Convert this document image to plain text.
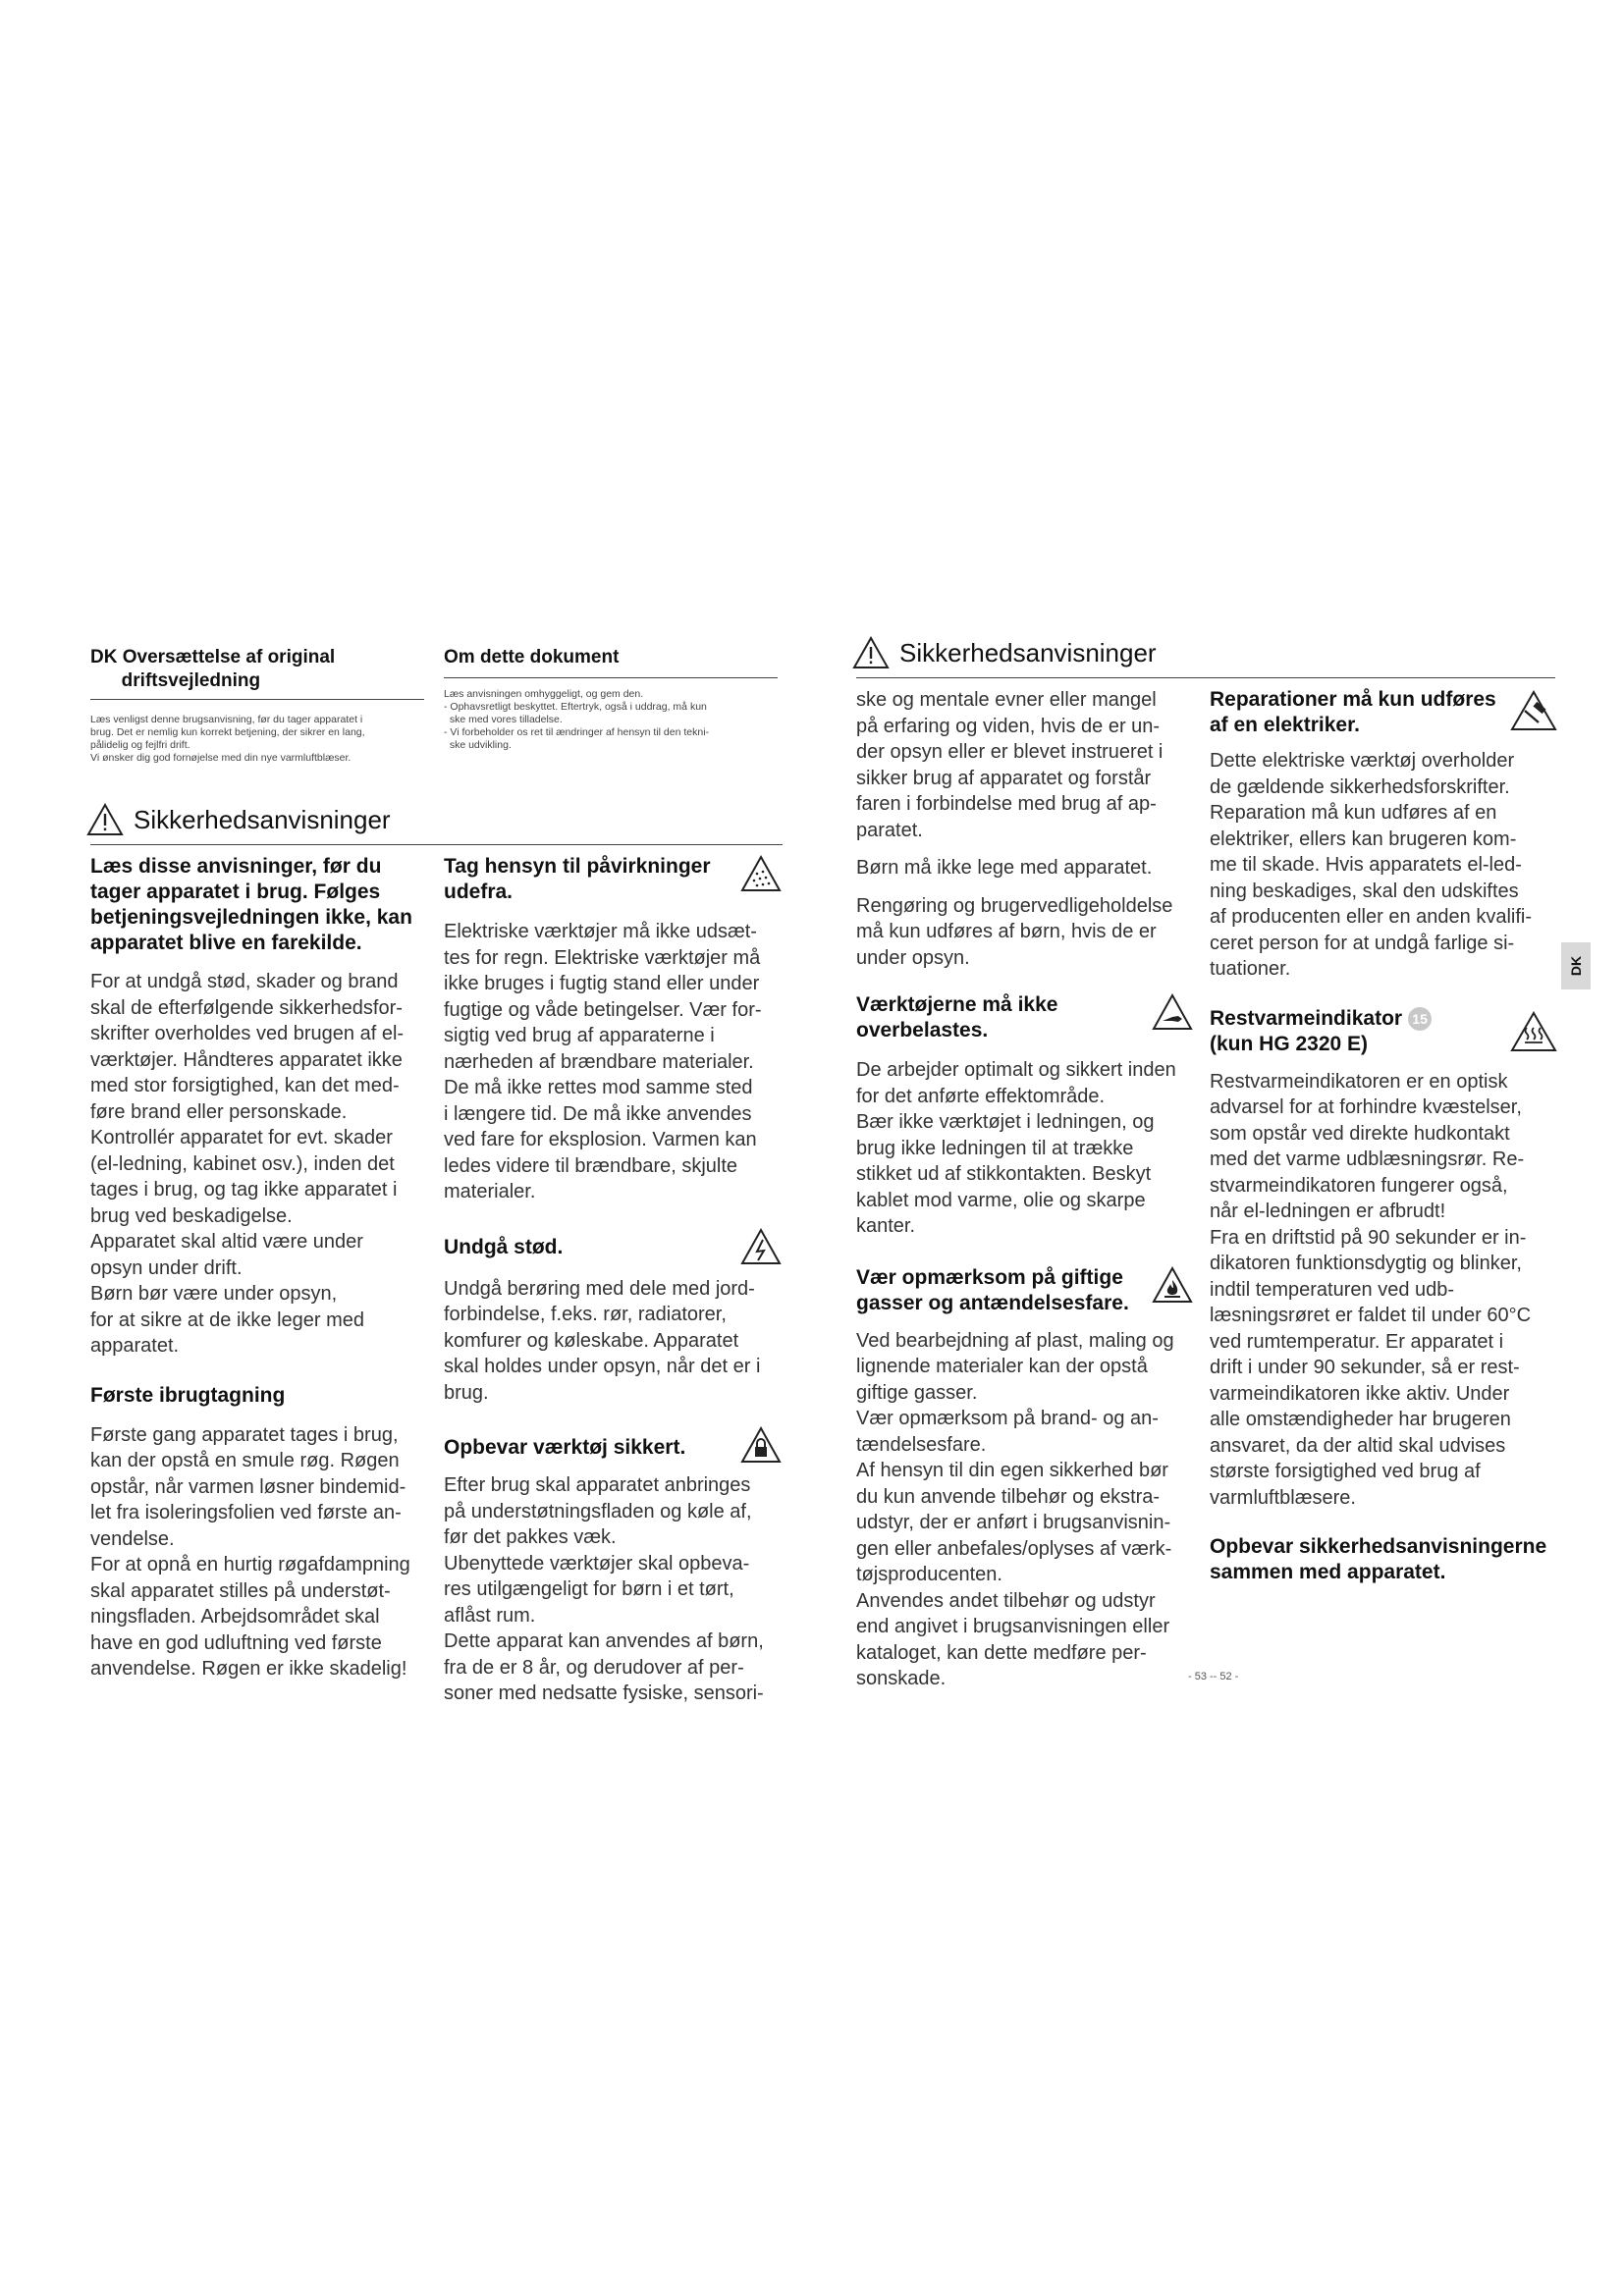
DK Oversættelse af original
driftsvejledning
Læs venligst denne brugsanvisning, før du tager apparatet i
brug. Det er nemlig kun korrekt betjening, der sikrer en lang,
pålidelig og fejlfri drift.
Vi ønsker dig god fornøjelse med din nye varmluftblæser.
Om dette dokument
Læs anvisningen omhyggeligt, og gem den.
- Ophavsretligt beskyttet. Eftertryk, også i uddrag, må kun
ske med vores tilladelse.
- Vi forbeholder os ret til ændringer af hensyn til den tekni-
ske udvikling.
Sikkerhedsanvisninger

Læs disse anvisninger, før du tager apparatet i brug. Følges betjeningsvejledningen ikke, kan apparatet blive en farekilde.

For at undgå stød, skader og brand
skal de efterfølgende sikkerhedsfor-
skrifter overholdes ved brugen af el-
værktøjer. Håndteres apparatet ikke
med stor forsigtighed, kan det med-
føre brand eller personskade.
Kontrollér apparatet for evt. skader
(el-ledning, kabinet osv.), inden det
tages i brug, og tag ikke apparatet i
brug ved beskadigelse.
Apparatet skal altid være under
opsyn under drift.
Børn bør være under opsyn,
for at sikre at de ikke leger med
apparatet.

Første ibrugtagning

Første gang apparatet tages i brug,
kan der opstå en smule røg. Røgen
opstår, når varmen løsner bindemid-
let fra isoleringsfolien ved første an-
vendelse.
For at opnå en hurtig røgafdampning
skal apparatet stilles på understøt-
ningsfladen. Arbejdsområdet skal
have en god udluftning ved første
anvendelse. Røgen er ikke skadelig!

Tag hensyn til påvirkninger
udefra.

Elektriske værktøjer må ikke udsæt-
tes for regn. Elektriske værktøjer må
ikke bruges i fugtig stand eller under
fugtige og våde betingelser. Vær for-
sigtig ved brug af apparaterne i
nærheden af brændbare materialer.
De må ikke rettes mod samme sted
i længere tid. De må ikke anvendes
ved fare for eksplosion. Varmen kan
ledes videre til brændbare, skjulte
materialer.

Undgå stød.

Undgå berøring med dele med jord-
forbindelse, f.eks. rør, radiatorer,
komfurer og køleskabe. Apparatet
skal holdes under opsyn, når det er i
brug.

Opbevar værktøj sikkert.

Efter brug skal apparatet anbringes
på understøtningsfladen og køle af,
før det pakkes væk.
Ubenyttede værktøjer skal opbeva-
res utilgængeligt for børn i et tørt,
aflåst rum.
Dette apparat kan anvendes af børn,
fra de er 8 år, og derudover af per-
soner med nedsatte fysiske, sensori-

Sikkerhedsanvisninger

ske og mentale evner eller mangel
på erfaring og viden, hvis de er un-
der opsyn eller er blevet instrueret i
sikker brug af apparatet og forstår
faren i forbindelse med brug af ap-
paratet.

Børn må ikke lege med apparatet.

Rengøring og brugervedligeholdelse
må kun udføres af børn, hvis de er
under opsyn.

Værktøjerne må ikke
overbelastes.

De arbejder optimalt og sikkert inden
for det anførte effektområde.
Bær ikke værktøjet i ledningen, og
brug ikke ledningen til at trække
stikket ud af stikkontakten. Beskyt
kablet mod varme, olie og skarpe
kanter.

Vær opmærksom på giftige
gasser og antændelsesfare.

Ved bearbejdning af plast, maling og
lignende materialer kan der opstå
giftige gasser.
Vær opmærksom på brand- og an-
tændelsesfare.
Af hensyn til din egen sikkerhed bør
du kun anvende tilbehør og ekstra-
udstyr, der er anført i brugsanvisnin-
gen eller anbefales/oplyses af værk-
tøjsproducenten.
Anvendes andet tilbehør og udstyr
end angivet i brugsanvisningen eller
kataloget, kan dette medføre per-
sonskade.

Reparationer må kun udføres
af en elektriker.

Dette elektriske værktøj overholder
de gældende sikkerhedsforskrifter.
Reparation må kun udføres af en
elektriker, ellers kan brugeren kom-
me til skade. Hvis apparatets el-led-
ning beskadiges, skal den udskiftes
af producenten eller en anden kvalifi-
ceret person for at undgå farlige si-
tuationer.

Restvarmeindikator 15

(kun HG 2320 E)

Restvarmeindikatoren er en optisk
advarsel for at forhindre kvæstelser,
som opstår ved direkte hudkontakt
med det varme udblæsningsrør. Re-
stvarmeindikatoren fungerer også,
når el-ledningen er afbrudt!
Fra en driftstid på 90 sekunder er in-
dikatoren funktionsdygtig og blinker,
indtil temperaturen ved udb-
læsningsrøret er faldet til under 60°C
ved rumtemperatur. Er apparatet i
drift i under 90 sekunder, så er rest-
varmeindikatoren ikke aktiv. Under
alle omstændigheder har brugeren
ansvaret, da der altid skal udvises
største forsigtighed ved brug af
varmluftblæsere.

Opbevar sikkerhedsanvisningerne
sammen med apparatet.

DK
- 53 -- 52 -
